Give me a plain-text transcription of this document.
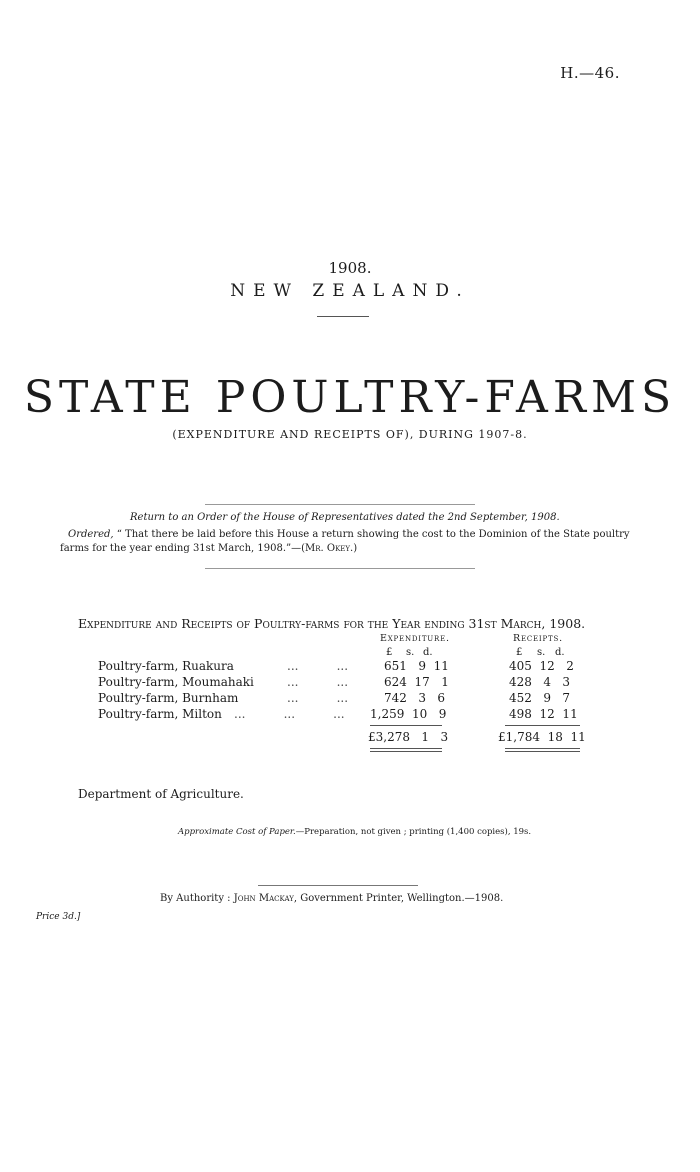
H.—46.
1908.
NEW ZEALAND.
STATE POULTRY-FARMS
(EXPENDITURE AND RECEIPTS OF), DURING 1907-8.
Return to an Order of the House of Representatives dated the 2nd September, 1908.
Ordered, “ That there be laid before this House a return showing the cost to the Dominion of the State poultry farms for the year ending 31st March, 1908.”—(Mr. Okey.)
Expenditure and Receipts of Poultry-farms for the Year ending 31st March, 1908.
Expenditure.	Receipts.
£ s. d.	£ s. d.
Poultry-farm, Ruakura	...          ...	651   9  11	405  12   2
Poultry-farm, Moumahaki	...          ...	624  17   1	428   4   3
Poultry-farm, Burnham	...          ...	742   3   6	452   9   7
Poultry-farm, Milton ...          ...          ... 1,259  10   9	498  12  11
£3,278   1   3	£1,784  18  11
Department of Agriculture.
Approximate Cost of Paper.—Preparation, not given ; printing (1,400 copies), 19s.
By Authority : John Mackay, Government Printer, Wellington.—1908.
Price 3d.]
